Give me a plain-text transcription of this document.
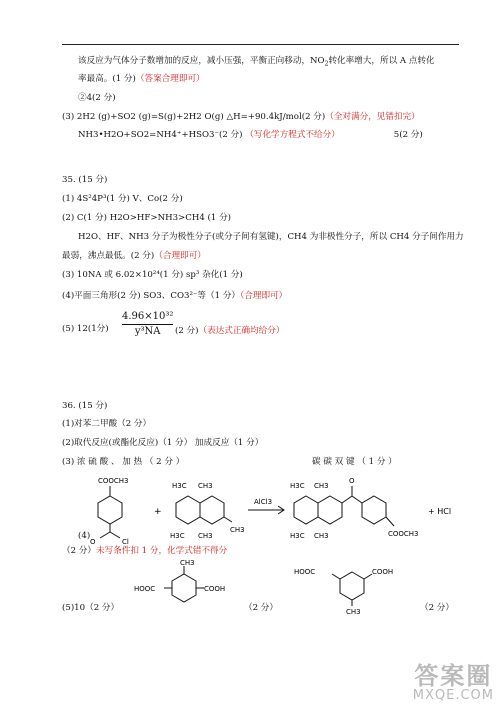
该反应为气体分子数增加的反应，减小压强，平衡正向移动，$NO_2$转化率增大，所以 A 点转化
率最高。(1 分)（答案合理即可）
②4(2 分)
(3) 2H2 (g)+SO2 (g)=S(g)+2H2 O(g) △H=+90.4kJ/mol(2 分)（全对满分，见错扣完）
NH3•H2O+SO2=NH4⁺+HSO3⁻(2 分) （写化学方程式不给分）	5(2 分)
35. (15 分)
(1) 4S²4P³(1 分) V、Co(2 分)
(2) C(1 分) H2O>HF>NH3>CH4 (1 分)
H2O、HF、NH3 分子为极性分子(或分子间有氢键)，CH4 为非极性分子，所以 CH4 分子间作用力
最弱，沸点最低。(2 分)（合理即可）
(3) 10NA 或 6.02×10²⁴(1 分) sp³ 杂化(1 分)
(4)平面三角形(2 分) SO3、CO3²⁻等（1 分）（合理即可）
(5) 12(1分)
4.96×10³²
y³NA	(2 分)（表达式正确均给分）
36. (15 分)
(1)对苯二甲酸（2 分）
(2)取代反应(或酯化反应)（1 分） 加成反应（1 分）
(3) 浓 硫 酸 、 加 热 （ 2 分 ）	碳 碳 双 键 （ 1 分 ）
COOCH3
O	Cl
+
H3C CH3
H3C CH3
CH3
AlCl3
H3C CH3
H3C CH3
O
COOCH3
+ HCl
(4)
（2 分）未写条件扣 1 分，化学式错不得分
CH3
HOOC	COOH
HOOC	COOH
CH3
(5)10（2 分）	（2 分）	（2 分）
答案圈
MXQE.COM
